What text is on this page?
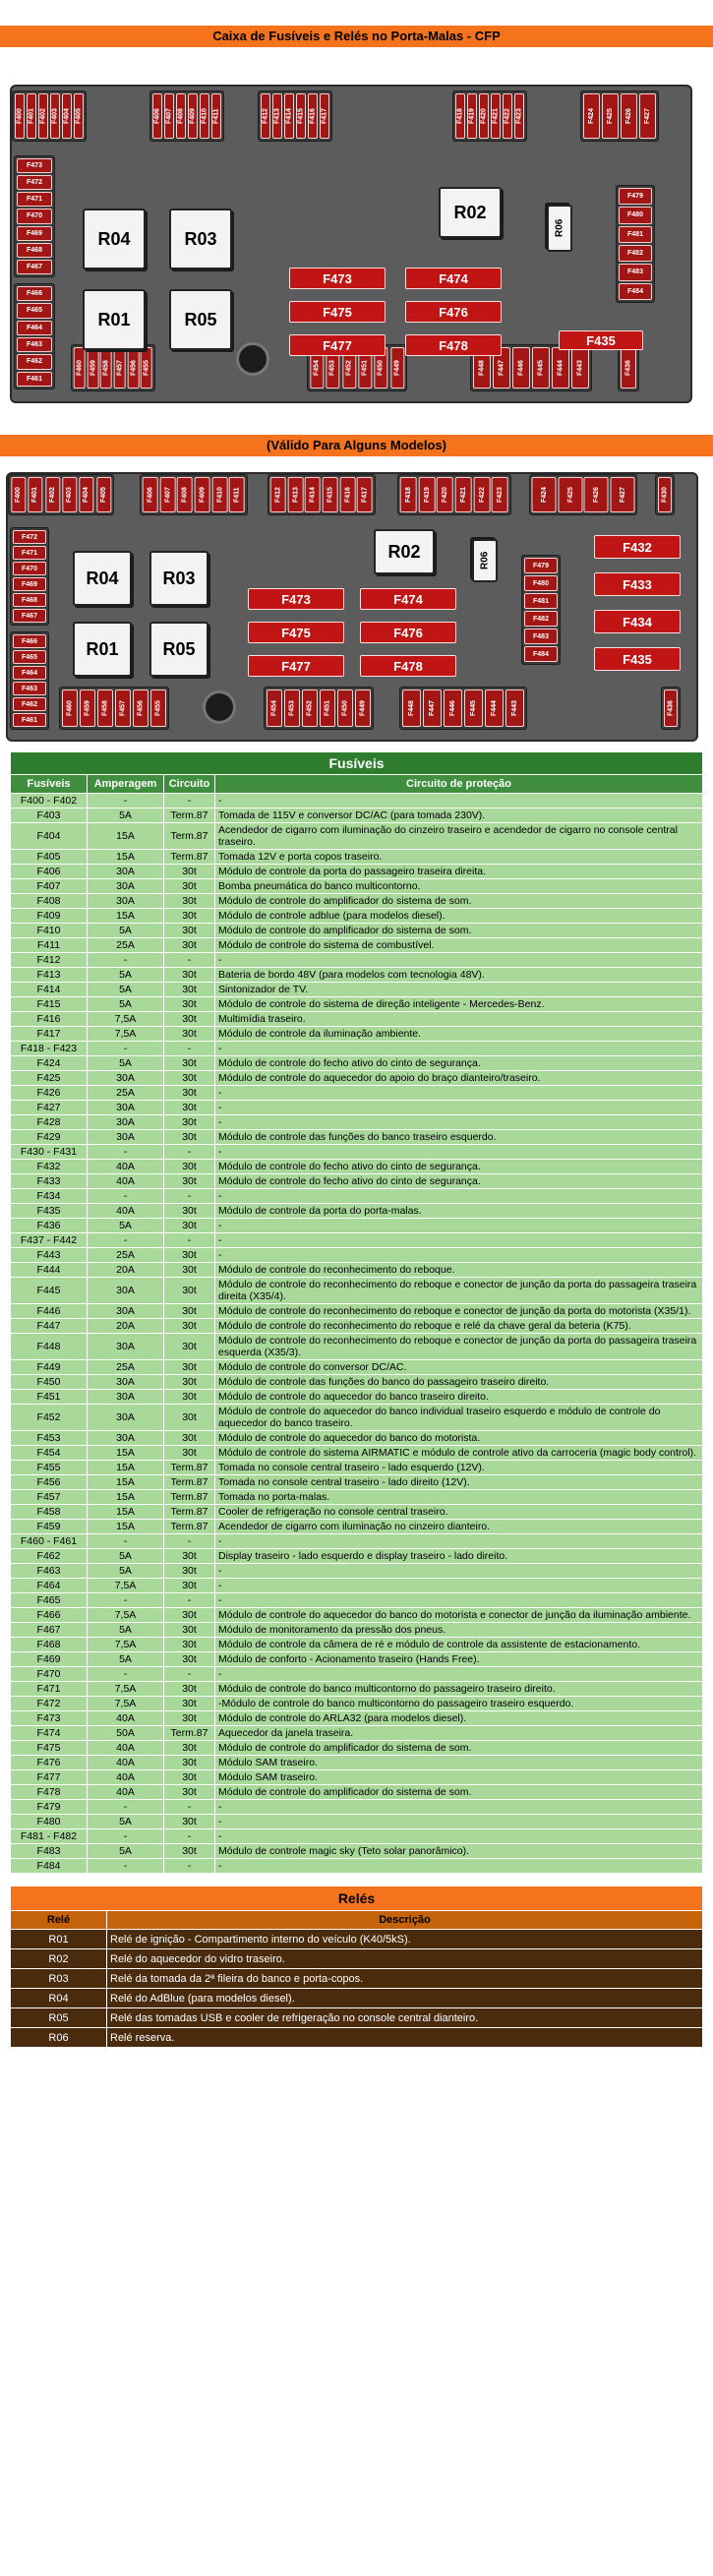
Caixa de Fusíveis e Relés no Porta-Malas - CFP
F400 F401 F402 F403 F404 F405	F406 F407 F408 F409 F410 F411	F412 F413 F414 F415 F416 F417	F418 F419 F420 F421 F422 F423	F424	F425	F426	F427
F473
F472
F471
F470
F469
F468
F467
F466
F465
F464
F463
F462
F461
F479
F480
F481
F482
F483
F484
F460 F459 F458 F457 F456 F455	F454	F453	F452	F451	F450	F449	F448	F447	F446	F445	F444	F443	F436
R04	R03
R01	R05
R02
R06
F473	F474
F475	F476
F477	F478	F435
(Válido Para Alguns Modelos)
F400	F401	F402	F403	F404	F405	F406	F407	F408	F409	F410	F411	F412	F413	F414	F415	F416	F417	F418	F419	F420	F421	F422	F423	F424	F425	F426	F427	F430
F472
F471
F470
F469
F468
F467
F466
F465
F464
F463
F462
F461
F479
F480
F481
F482
F483
F484
F460	F459	F458	F457	F456	F455	F454	F453	F452	F451	F450	F449	F448	F447	F446	F445	F444	F443	F436
R04	R03
R01	R05
R02	R06
F473	F474
F475	F476
F477	F478
F432
F433
F434
F435
Fusíveis			
Fusíveis	Amperagem	Circuito	Circuito de proteção
F400 - F402	-	-	-
F403	5A	Term.87	Tomada de 115V e conversor DC/AC (para tomada 230V).
F404	15A	Term.87	Acendedor de cigarro com iluminação do cinzeiro traseiro e acendedor de cigarro no console central traseiro.
F405	15A	Term.87	Tomada 12V e porta copos traseiro.
F406	30A	30t	Módulo de controle da porta do passageiro traseira direita.
F407	30A	30t	Bomba pneumática do banco multicontorno.
F408	30A	30t	Módulo de controle do amplificador do sistema de som.
F409	15A	30t	Módulo de controle adblue (para modelos diesel).
F410	5A	30t	Módulo de controle do amplificador do sistema de som.
F411	25A	30t	Módulo de controle do sistema de combustível.
F412	-	-	-
F413	5A	30t	Bateria de bordo 48V (para modelos com tecnologia 48V).
F414	5A	30t	Sintonizador de TV.
F415	5A	30t	Módulo de controle do sistema de direção inteligente - Mercedes-Benz.
F416	7,5A	30t	Multimídia traseiro.
F417	7,5A	30t	Módulo de controle da iluminação ambiente.
F418 - F423	-	-	-
F424	5A	30t	Módulo de controle do fecho ativo do cinto de segurança.
F425	30A	30t	Módulo de controle do aquecedor do apoio do braço dianteiro/traseiro.
F426	25A	30t	-
F427	30A	30t	-
F428	30A	30t	-
F429	30A	30t	Módulo de controle das funções do banco traseiro esquerdo.
F430 - F431	-	-	-
F432	40A	30t	Módulo de controle do fecho ativo do cinto de segurança.
F433	40A	30t	Módulo de controle do fecho ativo do cinto de segurança.
F434	-	-	-
F435	40A	30t	Módulo de controle da porta do porta-malas.
F436	5A	30t	-
F437 - F442	-	-	-
F443	25A	30t	-
F444	20A	30t	Módulo de controle do reconhecimento do reboque.
F445	30A	30t	Módulo de controle do reconhecimento do reboque e conector de junção da porta do passageira traseira direita (X35/4).
F446	30A	30t	Módulo de controle do reconhecimento do reboque e conector de junção da porta do motorista (X35/1).
F447	20A	30t	Módulo de controle do reconhecimento do reboque e relé da chave geral da beteria (K75).
F448	30A	30t	Módulo de controle do reconhecimento do reboque e conector de junção da porta do passageira traseira esquerda (X35/3).
F449	25A	30t	Módulo de controle do conversor DC/AC.
F450	30A	30t	Módulo de controle das funções do banco do passageiro traseiro direito.
F451	30A	30t	Módulo de controle do aquecedor do banco traseiro direito.
F452	30A	30t	Módulo de controle do aquecedor do banco individual traseiro esquerdo e módulo de controle do aquecedor do banco traseiro.
F453	30A	30t	Módulo de controle do aquecedor do banco do motorista.
F454	15A	30t	Módulo de controle do sistema AIRMATIC e módulo de controle ativo da carroceria (magic body control).
F455	15A	Term.87	Tomada no console central traseiro - lado esquerdo (12V).
F456	15A	Term.87	Tomada no console central traseiro - lado direito (12V).
F457	15A	Term.87	Tomada no porta-malas.
F458	15A	Term.87	Cooler de refrigeração no console central traseiro.
F459	15A	Term.87	Acendedor de cigarro com iluminação no cinzeiro dianteiro.
F460 - F461	-	-	-
F462	5A	30t	Display traseiro - lado esquerdo e display traseiro - lado direito.
F463	5A	30t	-
F464	7,5A	30t	-
F465	-	-	-
F466	7,5A	30t	Módulo de controle do aquecedor do banco do motorista e conector de junção da iluminação ambiente.
F467	5A	30t	Módulo de monitoramento da pressão dos pneus.
F468	7,5A	30t	Módulo de controle da câmera de ré e módulo de controle da assistente de estacionamento.
F469	5A	30t	Módulo de conforto - Acionamento traseiro (Hands Free).
F470	-	-	-
F471	7,5A	30t	Módulo de controle do banco multicontorno do passageiro traseiro direito.
F472	7,5A	30t	-Módulo de controle do banco multicontorno do passageiro traseiro esquerdo.
F473	40A	30t	Módulo de controle do ARLA32 (para modelos diesel).
F474	50A	Term.87	Aquecedor da janela traseira.
F475	40A	30t	Módulo de controle do amplificador do sistema de som.
F476	40A	30t	Módulo SAM traseiro.
F477	40A	30t	Módulo SAM traseiro.
F478	40A	30t	Módulo de controle do amplificador do sistema de som.
F479	-	-	-
F480	5A	30t	-
F481 - F482	-	-	-
F483	5A	30t	Módulo de controle magic sky (Teto solar panorâmico).
F484	-	-	-
Relés	
Relé	Descrição
R01	Relé de ignição - Compartimento interno do veículo (K40/5kS).
R02	Relé do aquecedor do vidro traseiro.
R03	Relé da tomada da 2ª fileira do banco e porta-copos.
R04	Relé do AdBlue (para modelos diesel).
R05	Relé das tomadas USB e cooler de refrigeração no console central dianteiro.
R06	Relé reserva.
